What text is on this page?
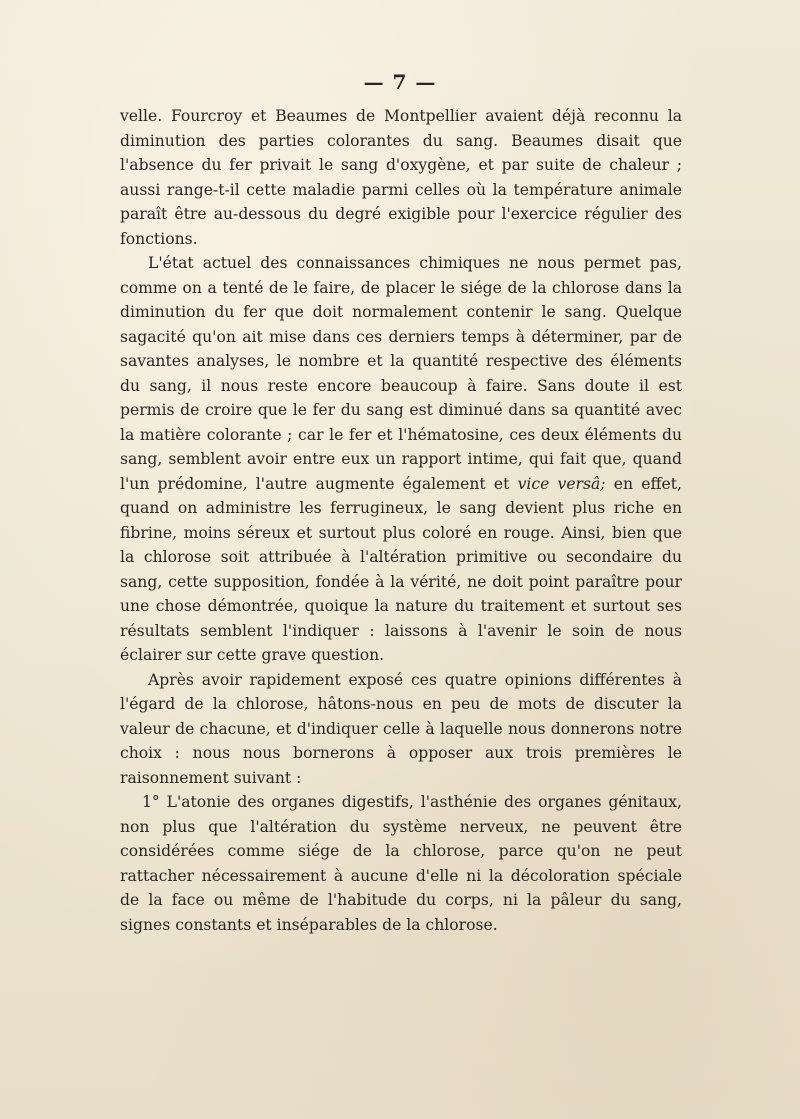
— 7 —

velle. Fourcroy et Beaumes de Montpellier avaient déjà reconnu la diminution des parties colorantes du sang. Beaumes disait que l'absence du fer privait le sang d'oxygène, et par suite de chaleur ; aussi range-t-il cette maladie parmi celles où la température animale paraît être au-dessous du degré exigible pour l'exercice régulier des fonctions.

L'état actuel des connaissances chimiques ne nous permet pas, comme on a tenté de le faire, de placer le siége de la chlorose dans la diminution du fer que doit normalement contenir le sang. Quelque sagacité qu'on ait mise dans ces derniers temps à déterminer, par de savantes analyses, le nombre et la quantité respective des éléments du sang, il nous reste encore beaucoup à faire. Sans doute il est permis de croire que le fer du sang est diminué dans sa quantité avec la matière colorante ; car le fer et l'hématosine, ces deux éléments du sang, semblent avoir entre eux un rapport intime, qui fait que, quand l'un prédomine, l'autre augmente également et vice versâ; en effet, quand on administre les ferrugineux, le sang devient plus riche en fibrine, moins séreux et surtout plus coloré en rouge. Ainsi, bien que la chlorose soit attribuée à l'altération primitive ou secondaire du sang, cette supposition, fondée à la vérité, ne doit point paraître pour une chose démontrée, quoique la nature du traitement et surtout ses résultats semblent l'indiquer : laissons à l'avenir le soin de nous éclairer sur cette grave question.

Après avoir rapidement exposé ces quatre opinions différentes à l'égard de la chlorose, hâtons-nous en peu de mots de discuter la valeur de chacune, et d'indiquer celle à laquelle nous donnerons notre choix : nous nous bornerons à opposer aux trois premières le raisonnement suivant :

1° L'atonie des organes digestifs, l'asthénie des organes génitaux, non plus que l'altération du système nerveux, ne peuvent être considérées comme siége de la chlorose, parce qu'on ne peut rattacher nécessairement à aucune d'elle ni la décoloration spéciale de la face ou même de l'habitude du corps, ni la pâleur du sang, signes constants et inséparables de la chlorose.
